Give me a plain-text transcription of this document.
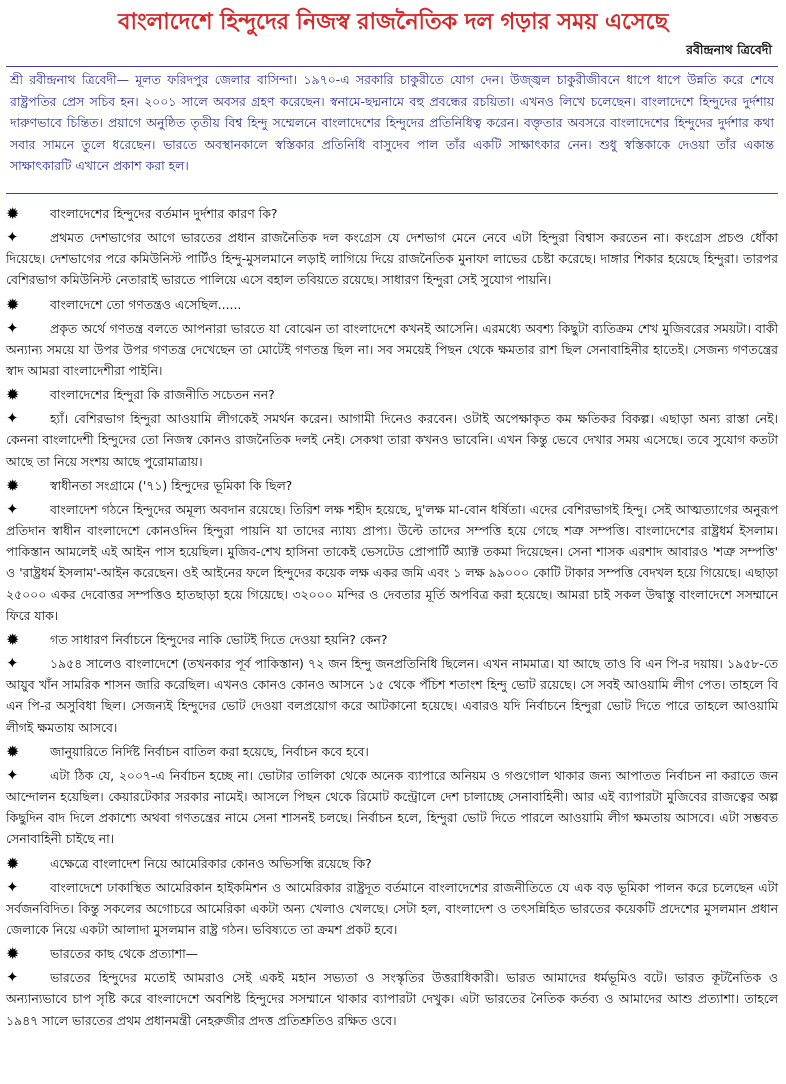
বাংলাদেশে হিন্দুদের নিজস্ব রাজনৈতিক দল গড়ার সময় এসেছে
রবীন্দ্রনাথ ত্রিবেদী
শ্রী রবীন্দ্রনাথ ত্রিবেদী— মূলত ফরিদপুর জেলার বাসিন্দা। ১৯৭০-এ সরকারি চাকুরীতে যোগ দেন। উজ্জ্বল চাকুরীজীবনে ধাপে ধাপে উন্নতি করে শেষে রাষ্ট্রপতির প্রেস সচিব হন। ২০০১ সালে অবসর গ্রহণ করেছেন। স্বনামে-ছদ্মনামে বহু প্রবন্ধের রচয়িতা। এখনও লিখে চলেছেন। বাংলাদেশে হিন্দুদের দুর্দশায় দারুণভাবে চিন্তিত। প্রয়াগে অনুষ্ঠিত তৃতীয় বিশ্ব হিন্দু সম্মেলনে বাংলাদেশের হিন্দুদের প্রতিনিধিত্ব করেন। বক্তৃতার অবসরে বাংলাদেশের হিন্দুদের দুর্দশার কথা সবার সামনে তুলে ধরেছেন। ভারতে অবস্থানকালে স্বস্তিকার প্রতিনিধি বাসুদেব পাল তাঁর একটি সাক্ষাৎকার নেন। শুধু স্বস্তিকাকে দেওয়া তাঁর একান্ত সাক্ষাৎকারটি এখানে প্রকাশ করা হল।
✹	বাংলাদেশের হিন্দুদের বর্তমান দুর্দশার কারণ কি?
✦	প্রথমত দেশভাগের আগে ভারতের প্রধান রাজনৈতিক দল কংগ্রেস যে দেশভাগ মেনে নেবে এটা হিন্দুরা বিশ্বাস করতেন না। কংগ্রেস প্রচণ্ড ধোঁকা দিয়েছে। দেশভাগের পরে কমিউনিস্ট পার্টিও হিন্দু-মুসলমানে লড়াই লাগিয়ে দিয়ে রাজনৈতিক মুনাফা লাভের চেষ্টা করেছে। দাঙ্গার শিকার হয়েছে হিন্দুরা। তারপর বেশিরভাগ কমিউনিস্ট নেতারাই ভারতে পালিয়ে এসে বহাল তবিয়তে রয়েছে। সাধারণ হিন্দুরা সেই সুযোগ পায়নি।
✹	বাংলাদেশে তো গণতন্ত্রও এসেছিল......
✦	প্রকৃত অর্থে গণতন্ত্র বলতে আপনারা ভারতে যা বোঝেন তা বাংলাদেশে কখনই আসেনি। এরমধ্যে অবশ্য কিছুটা ব্যতিক্রম শেখ মুজিবরের সময়টা। বাকী অন্যান্য সময়ে যা উপর উপর গণতন্ত্র দেখেছেন তা মোটেই গণতন্ত্র ছিল না। সব সময়েই পিছন থেকে ক্ষমতার রাশ ছিল সেনাবাহিনীর হাতেই। সেজন্য গণতন্ত্রের স্বাদ আমরা বাংলাদেশীরা পাইনি।
✹	বাংলাদেশের হিন্দুরা কি রাজনীতি সচেতন নন?
✦	হ্যাঁ। বেশিরভাগ হিন্দুরা আওয়ামি লীগকেই সমর্থন করেন। আগামী দিনেও করবেন। ওটাই অপেক্ষাকৃত কম ক্ষতিকর বিকল্প। এছাড়া অন্য রাস্তা নেই। কেননা বাংলাদেশী হিন্দুদের তো নিজস্ব কোনও রাজনৈতিক দলই নেই। সেকথা তারা কখনও ভাবেনি। এখন কিন্তু ভেবে দেখার সময় এসেছে। তবে সুযোগ কতটা আছে তা নিয়ে সংশয় আছে পুরোমাত্রায়।
✹	স্বাধীনতা সংগ্রামে ('৭১) হিন্দুদের ভূমিকা কি ছিল?
✦	বাংলাদেশ গঠনে হিন্দুদের অমূল্য অবদান রয়েছে। তিরিশ লক্ষ শহীদ হয়েছে, দু'লক্ষ মা-বোন ধর্ষিতা। এদের বেশিরভাগই হিন্দু। সেই আত্মত্যাগের অনুরূপ প্রতিদান স্বাধীন বাংলাদেশে কোনওদিন হিন্দুরা পায়নি যা তাদের ন্যায্য প্রাপ্য। উল্টে তাদের সম্পত্তি হয়ে গেছে শত্রু সম্পত্তি। বাংলাদেশের রাষ্ট্রধর্ম ইসলাম। পাকিস্তান আমলেই এই আইন পাস হয়েছিল। মুজিব-শেখ হাসিনা তাকেই ভেসটেড প্রোপার্টি অ্যাক্ট তকমা দিয়েছেন। সেনা শাসক এরশাদ আবারও 'শত্রু সম্পত্তি' ও 'রাষ্ট্রধর্ম ইসলাম'-আইন করেছেন। ওই আইনের ফলে হিন্দুদের কয়েক লক্ষ একর জমি এবং ১ লক্ষ ৯৯০০০ কোটি টাকার সম্পত্তি বেদখল হয়ে গিয়েছে। এছাড়া ২৫০০০ একর দেবোত্তর সম্পত্তিও হাতছাড়া হয়ে গিয়েছে। ৩২০০০ মন্দির ও দেবতার মূর্তি অপবিত্র করা হয়েছে। আমরা চাই সকল উদ্বাস্তু বাংলাদেশে সসম্মানে ফিরে যাক।
✹	গত সাধারণ নির্বাচনে হিন্দুদের নাকি ভোটই দিতে দেওয়া হয়নি? কেন?
✦	১৯৫৪ সালেও বাংলাদেশে (তখনকার পূর্ব পাকিস্তান) ৭২ জন হিন্দু জনপ্রতিনিধি ছিলেন। এখন নামমাত্র। যা আছে তাও বি এন পি-র দয়ায়। ১৯৫৮-তে আয়ুব খাঁন সামরিক শাসন জারি করেছিল। এখনও কোনও কোনও আসনে ১৫ থেকে পঁচিশ শতাংশ হিন্দু ভোট রয়েছে। সে সবই আওয়ামি লীগ পেত। তাহলে বি এন পি-র অসুবিধা ছিল। সেজন্যই হিন্দুদের ভোট দেওয়া বলপ্রয়োগ করে আটকানো হয়েছে। এবারও যদি নির্বাচনে হিন্দুরা ভোট দিতে পারে তাহলে আওয়ামি লীগই ক্ষমতায় আসবে।
✹	জানুয়ারিতে নির্দিষ্ট নির্বাচন বাতিল করা হয়েছে, নির্বাচন কবে হবে।
✦	এটা ঠিক যে, ২০০৭-এ নির্বাচন হচ্ছে না। ভোটার তালিকা থেকে অনেক ব্যাপারে অনিয়ম ও গণ্ডগোল থাকার জন্য আপাতত নির্বাচন না করাতে জন আন্দোলন হয়েছিল। কেয়ারটেকার সরকার নামেই। আসলে পিছন থেকে রিমোট কন্ট্রোলে দেশ চালাচ্ছে সেনাবাহিনী। আর এই ব্যাপারটা মুজিবের রাজত্বের অল্প কিছুদিন বাদ দিলে প্রকাশ্যে অথবা গণতন্ত্রের নামে সেনা শাসনই চলছে। নির্বাচন হলে, হিন্দুরা ভোট দিতে পারলে আওয়ামি লীগ ক্ষমতায় আসবে। এটা সম্ভবত সেনাবাহিনী চাইছে না।
✹	এক্ষেত্রে বাংলাদেশ নিয়ে আমেরিকার কোনও অভিসন্ধি রয়েছে কি?
✦	বাংলাদেশে ঢাকাস্থিত আমেরিকান হাইকমিশন ও আমেরিকার রাষ্ট্রদূত বর্তমানে বাংলাদেশের রাজনীতিতে যে এক বড় ভূমিকা পালন করে চলেছেন এটা সর্বজনবিদিত। কিন্তু সকলের অগোচরে আমেরিকা একটা অন্য খেলাও খেলছে। সেটা হল, বাংলাদেশ ও তৎসন্নিহিত ভারতের কয়েকটি প্রদেশের মুসলমান প্রধান জেলাকে নিয়ে একটা আলাদা মুসলমান রাষ্ট্র গঠন। ভবিষ্যতে তা ক্রমশ প্রকট হবে।
✹	ভারতের কাছ থেকে প্রত্যাশা—
✦	ভারতের হিন্দুদের মতোই আমরাও সেই একই মহান সভ্যতা ও সংস্কৃতির উত্তরাধিকারী। ভারত আমাদের ধর্মভূমিও বটে। ভারত কূটনৈতিক ও অন্যান্যভাবে চাপ সৃষ্টি করে বাংলাদেশে অবশিষ্ট হিন্দুদের সসম্মানে থাকার ব্যাপারটা দেখুক। এটা ভারতের নৈতিক কর্তব্য ও আমাদের আশু প্রত্যাশা। তাহলে ১৯৪৭ সালে ভারতের প্রথম প্রধানমন্ত্রী নেহরুজীর প্রদত্ত প্রতিশ্রুতিও রক্ষিত ওবে।
